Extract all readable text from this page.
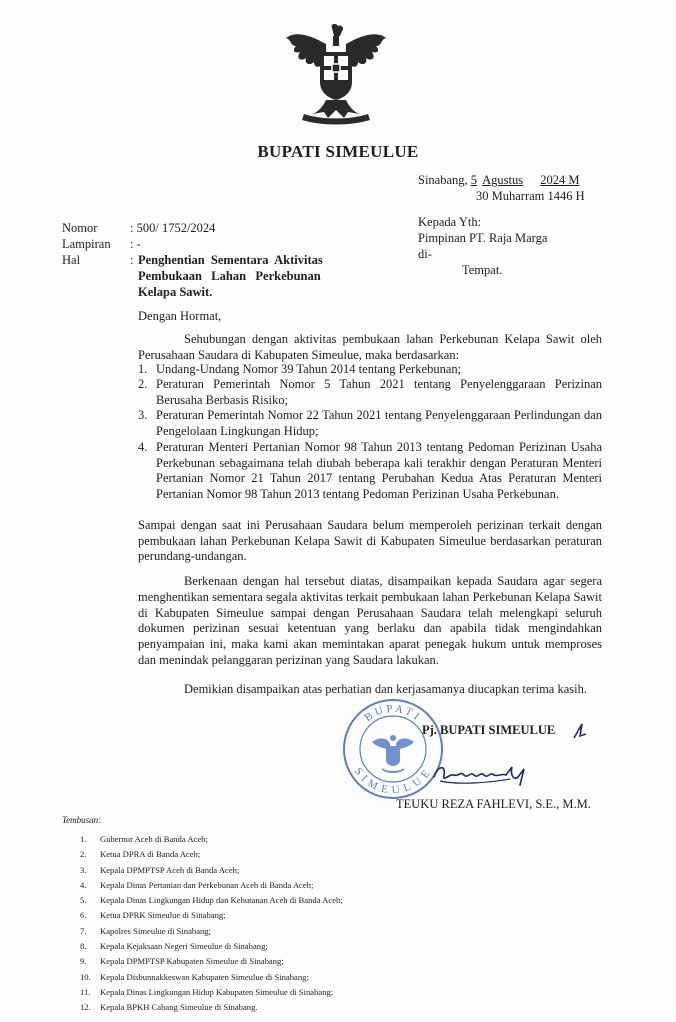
BUPATI SIMEULUE
Sinabang, 5 Agustus 2024 M
30 Muharram 1446 H
Nomor	: 500/ 1752/2024
Lampiran : -
Hal	: Penghentian  Sementara  Aktivitas
Pembukaan   Lahan   Perkebunan
Kelapa Sawit.
Kepada Yth:
Pimpinan PT. Raja Marga
di-
Tempat.
Dengan Hormat,
Sehubungan dengan aktivitas pembukaan lahan Perkebunan Kelapa Sawit oleh Perusahaan Saudara di Kabupaten Simeulue, maka berdasarkan:
1. Undang-Undang Nomor 39 Tahun 2014 tentang Perkebunan;
2. Peraturan Pemerintah Nomor 5 Tahun 2021 tentang Penyelenggaraan Perizinan Berusaha Berbasis Risiko;
3. Peraturan Pemerintah Nomor 22 Tahun 2021 tentang Penyelenggaraan Perlindungan dan Pengelolaan Lingkungan Hidup;
4. Peraturan Menteri Pertanian Nomor 98 Tahun 2013 tentang Pedoman Perizinan Usaha Perkebunan sebagaimana telah diubah beberapa kali terakhir dengan Peraturan Menteri Pertanian Nomor 21 Tahun 2017 tentang Perubahan Kedua Atas Peraturan Menteri Pertanian Nomor 98 Tahun 2013 tentang Pedoman Perizinan Usaha Perkebunan.
Sampai dengan saat ini Perusahaan Saudara belum memperoleh perizinan terkait dengan pembukaan lahan Perkebunan Kelapa Sawit di Kabupaten Simeulue berdasarkan peraturan perundang-undangan.
Berkenaan dengan hal tersebut diatas, disampaikan kepada Saudara agar segera menghentikan sementara segala aktivitas terkait pembukaan lahan Perkebunan Kelapa Sawit di Kabupaten Simeulue sampai dengan Perusahaan Saudara telah melengkapi seluruh dokumen perizinan sesuai ketentuan yang berlaku dan apabila tidak mengindahkan penyampaian ini, maka kami akan memintakan aparat penegak hukum untuk memproses dan menindak pelanggaran perizinan yang Saudara lakukan.
Demikian disampaikan atas perhatian dan kerjasamanya diucapkan terima kasih.
BUPATI
SIMEULUE
Pj. BUPATI SIMEULUE
TEUKU REZA FAHLEVI, S.E., M.M.
Tembusan:
1. Gubernur Aceh di Banda Aceh;
2. Ketua DPRA di Banda Aceh;
3. Kepala DPMPTSP Aceh di Banda Aceh;
4. Kepala Dinas Pertanian dan Perkebunan Aceh di Banda Aceh;
5. Kepala Dinas Lingkungan Hidup dan Kehutanan Aceh di Banda Aceh;
6. Ketua DPRK Simeulue di Sinabang;
7. Kapolres Simeulue di Sinabang;
8. Kepala Kejaksaan Negeri Simeulue di Sinabang;
9. Kepala DPMPTSP Kabupaten Simeulue di Sinabang;
10. Kepala Disbunnakkeswan Kabupaten Simeulue di Sinabang;
11. Kepala Dinas Lingkungan Hidup Kabupaten Simeulue di Sinabang;
12. Kepala BPKH Cabang Simeulue di Sinabang.
